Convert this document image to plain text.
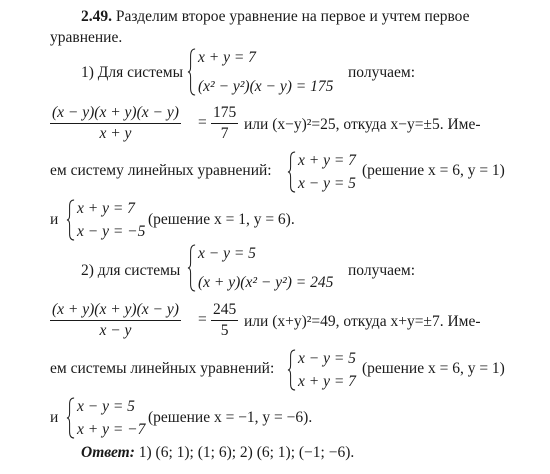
2.49. Разделим второе уравнение на первое и учтем первое
уравнение.
1) Для системы
x + y = 7
(x² − y²)(x − y) = 175
получаем:
(x − y)(x + y)(x − y)
x + y
=
175
7
или (x−y)²=25, откуда x−y=±5. Име-
ем систему линейных уравнений:
x + y = 7
x − y = 5
(решение x = 6, y = 1)
и
x + y = 7
x − y = −5
(решение x = 1, y = 6).
2) для системы
x − y = 5
(x + y)(x² − y²) = 245
получаем:
(x + y)(x + y)(x − y)
x − y
=
245
5
или (x+y)²=49, откуда x+y=±7. Име-
ем системы линейных уравнений:
x − y = 5
x + y = 7
(решение x = 6, y = 1)
и
x − y = 5
x + y = −7
(решение x = −1, y = −6).
Ответ: 1) (6; 1); (1; 6); 2) (6; 1); (−1; −6).
